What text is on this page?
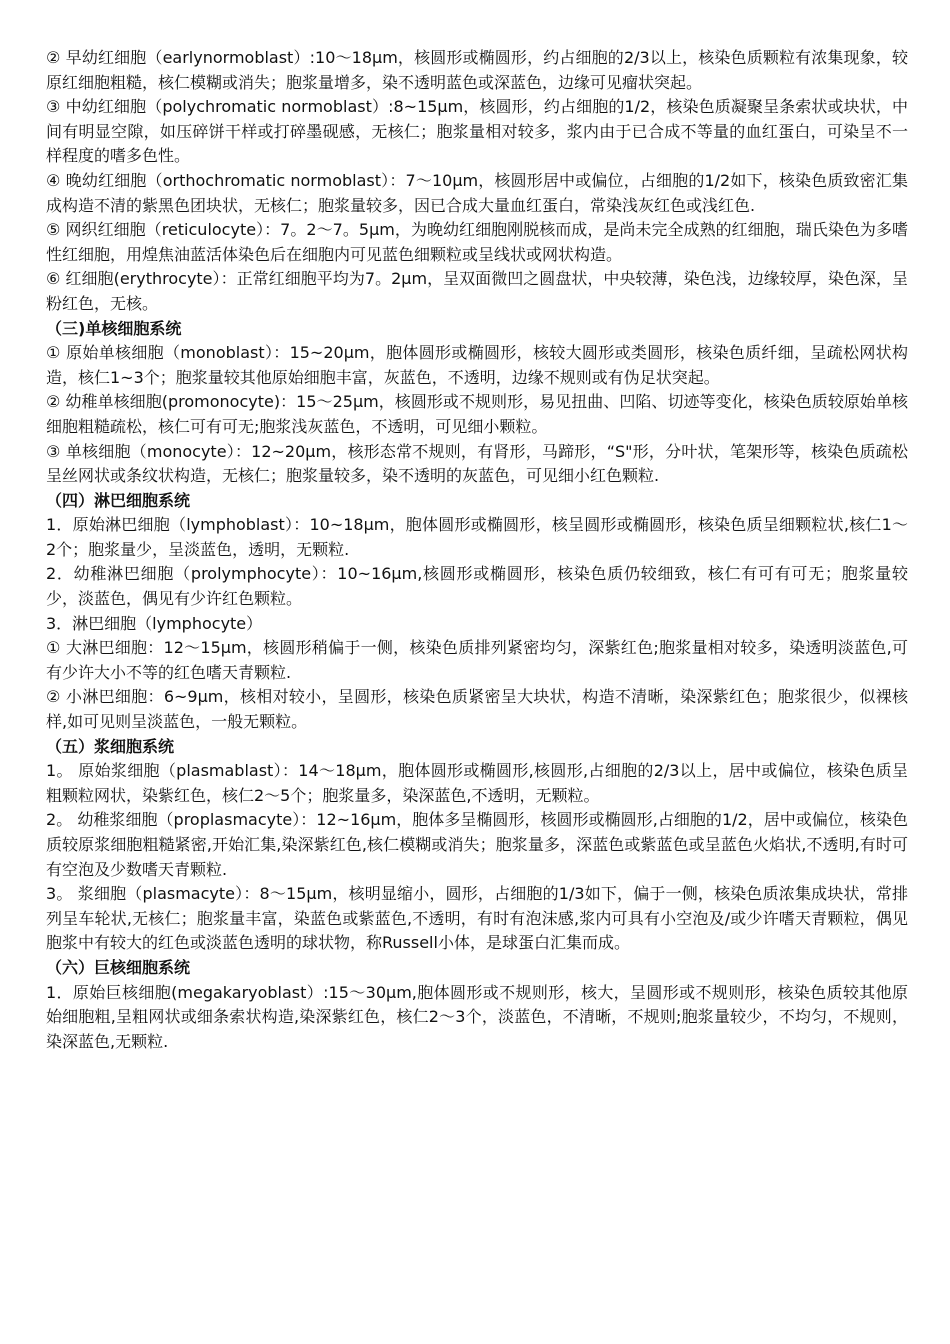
② 早幼红细胞（earlynormoblast）:10～18μm，核圆形或椭圆形，约占细胞的2/3以上，核染色质颗粒有浓集现象，较原红细胞粗糙，核仁模糊或消失；胞浆量增多，染不透明蓝色或深蓝色，边缘可见瘤状突起。

③ 中幼红细胞（polychromatic normoblast）:8~15μm，核圆形，约占细胞的1/2，核染色质凝聚呈条索状或块状，中间有明显空隙，如压碎饼干样或打碎墨砚感，无核仁；胞浆量相对较多，浆内由于已合成不等量的血红蛋白，可染呈不一样程度的嗜多色性。

④ 晚幼红细胞（orthochromatic normoblast）：7～10μm，核圆形居中或偏位，占细胞的1/2如下，核染色质致密汇集成构造不清的紫黑色团块状，无核仁；胞浆量较多，因已合成大量血红蛋白，常染浅灰红色或浅红色.

⑤ 网织红细胞（reticulocyte）：7。2～7。5μm，为晚幼红细胞刚脱核而成，是尚未完全成熟的红细胞，瑞氏染色为多嗜性红细胞，用煌焦油蓝活体染色后在细胞内可见蓝色细颗粒或呈线状或网状构造。

⑥ 红细胞(erythrocyte）：正常红细胞平均为7。2μm，呈双面微凹之圆盘状，中央较薄，染色浅，边缘较厚，染色深，呈粉红色，无核。

（三)单核细胞系统

① 原始单核细胞（monoblast）：15~20μm，胞体圆形或椭圆形，核较大圆形或类圆形，核染色质纤细，呈疏松网状构造，核仁1~3个；胞浆量较其他原始细胞丰富，灰蓝色，不透明，边缘不规则或有伪足状突起。

② 幼稚单核细胞(promonocyte)：15～25μm，核圆形或不规则形，易见扭曲、凹陷、切迹等变化，核染色质较原始单核细胞粗糙疏松，核仁可有可无;胞浆浅灰蓝色，不透明，可见细小颗粒。

③ 单核细胞（monocyte）：12~20μm，核形态常不规则，有肾形，马蹄形，“S"形，分叶状，笔架形等，核染色质疏松呈丝网状或条纹状构造，无核仁；胞浆量较多，染不透明的灰蓝色，可见细小红色颗粒.

（四）淋巴细胞系统

1．原始淋巴细胞（lymphoblast）：10~18μm，胞体圆形或椭圆形，核呈圆形或椭圆形，核染色质呈细颗粒状,核仁1～2个；胞浆量少，呈淡蓝色，透明，无颗粒.

2．幼稚淋巴细胞（prolymphocyte）：10~16μm,核圆形或椭圆形，核染色质仍较细致，核仁有可有可无；胞浆量较少，淡蓝色，偶见有少许红色颗粒。

3．淋巴细胞（lymphocyte）

① 大淋巴细胞：12～15μm，核圆形稍偏于一侧，核染色质排列紧密均匀，深紫红色;胞浆量相对较多，染透明淡蓝色,可有少许大小不等的红色嗜天青颗粒.

② 小淋巴细胞：6~9μm，核相对较小，呈圆形，核染色质紧密呈大块状，构造不清晰，染深紫红色；胞浆很少，似裸核样,如可见则呈淡蓝色，一般无颗粒。

（五）浆细胞系统

1。 原始浆细胞（plasmablast）：14～18μm，胞体圆形或椭圆形,核圆形,占细胞的2/3以上，居中或偏位，核染色质呈粗颗粒网状，染紫红色，核仁2～5个；胞浆量多，染深蓝色,不透明，无颗粒。

2。 幼稚浆细胞（proplasmacyte）：12~16μm，胞体多呈椭圆形，核圆形或椭圆形,占细胞的1/2，居中或偏位，核染色质较原浆细胞粗糙紧密,开始汇集,染深紫红色,核仁模糊或消失；胞浆量多，深蓝色或紫蓝色或呈蓝色火焰状,不透明,有时可有空泡及少数嗜天青颗粒.

3。 浆细胞（plasmacyte）：8～15μm，核明显缩小，圆形，占细胞的1/3如下，偏于一侧，核染色质浓集成块状，常排列呈车轮状,无核仁；胞浆量丰富，染蓝色或紫蓝色,不透明，有时有泡沫感,浆内可具有小空泡及/或少许嗜天青颗粒，偶见胞浆中有较大的红色或淡蓝色透明的球状物，称Russell小体，是球蛋白汇集而成。

（六）巨核细胞系统

1．原始巨核细胞(megakaryoblast）:15～30μm,胞体圆形或不规则形，核大，呈圆形或不规则形，核染色质较其他原始细胞粗,呈粗网状或细条索状构造,染深紫红色，核仁2～3个，淡蓝色，不清晰，不规则;胞浆量较少，不均匀，不规则，染深蓝色,无颗粒.
